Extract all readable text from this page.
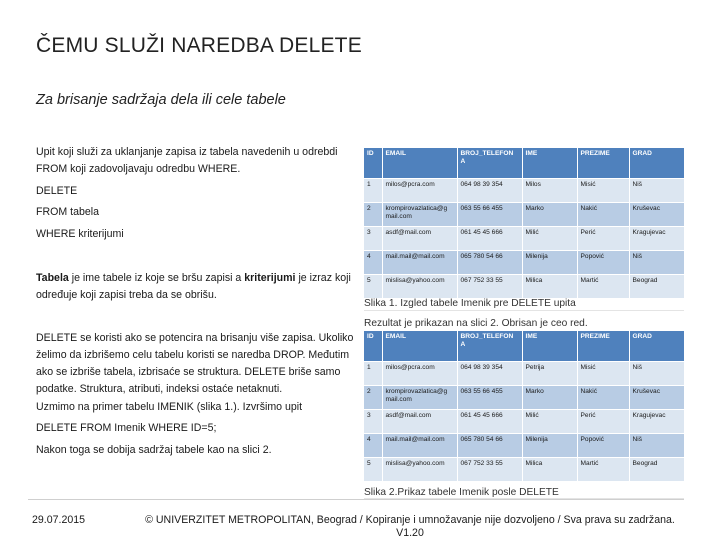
ČEMU SLUŽI NAREDBA DELETE
Za brisanje sadržaja dela ili cele tabele
Upit koji služi za uklanjanje zapisa iz tabela navedenih u odrebdi FROM koji zadovoljavaju odredbu WHERE.
DELETE
FROM tabela
WHERE kriterijumi
Tabela je ime tabele iz koje se bršu zapisi a kriterijumi je izraz koji određuje koji zapisi treba da se obrišu.
DELETE se koristi ako se potencira na brisanju više zapisa. Ukoliko želimo da izbrišemo celu tabelu koristi se naredba DROP. Međutim ako se izbriše tabela, izbrisaće se struktura. DELETE briše samo podatke. Struktura, atributi, indeksi ostaće netaknuti.
Uzmimo na primer tabelu IMENIK (slika 1.). Izvršimo upit
DELETE FROM Imenik WHERE ID=5;
Nakon toga se dobija sadržaj tabele kao na slici 2.
ID	EMAIL	BROJ_TELEFON A	IME	PREZIME	GRAD
1	milos@pcra.com	064 98 39 354	Milos	Misić	Niš
2	krompirovazlatica@g mail.com	063 55 66 455	Marko	Nakić	Kruševac
3	asdf@mail.com	061 45 45 666	Milić	Perić	Kragujevac
4	mail.mail@mail.com	065 780 54 66	Milenija	Popović	Niš
5	mislisa@yahoo.com	067 752 33 55	Milica	Martić	Beograd
Slika 1. Izgled tabele Imenik pre DELETE upita
Rezultat je prikazan na slici 2. Obrisan je ceo red.
ID	EMAIL	BROJ_TELEFON A	IME	PREZIME	GRAD
1	milos@pcra.com	064 98 39 354	Petrija	Misić	Niš
2	krompirovazlatica@g mail.com	063 55 66 455	Marko	Nakić	Kruševac
3	asdf@mail.com	061 45 45 666	Milić	Perić	Kragujevac
4	mail.mail@mail.com	065 780 54 66	Milenija	Popović	Niš
5	mislisa@yahoo.com	067 752 33 55	Milica	Martić	Beograd
Slika 2.Prikaz tabele Imenik posle DELETE
29.07.2015	© UNIVERZITET METROPOLITAN, Beograd / Kopiranje i umnožavanje nije dozvoljeno / Sva prava su zadržana. V1.20
